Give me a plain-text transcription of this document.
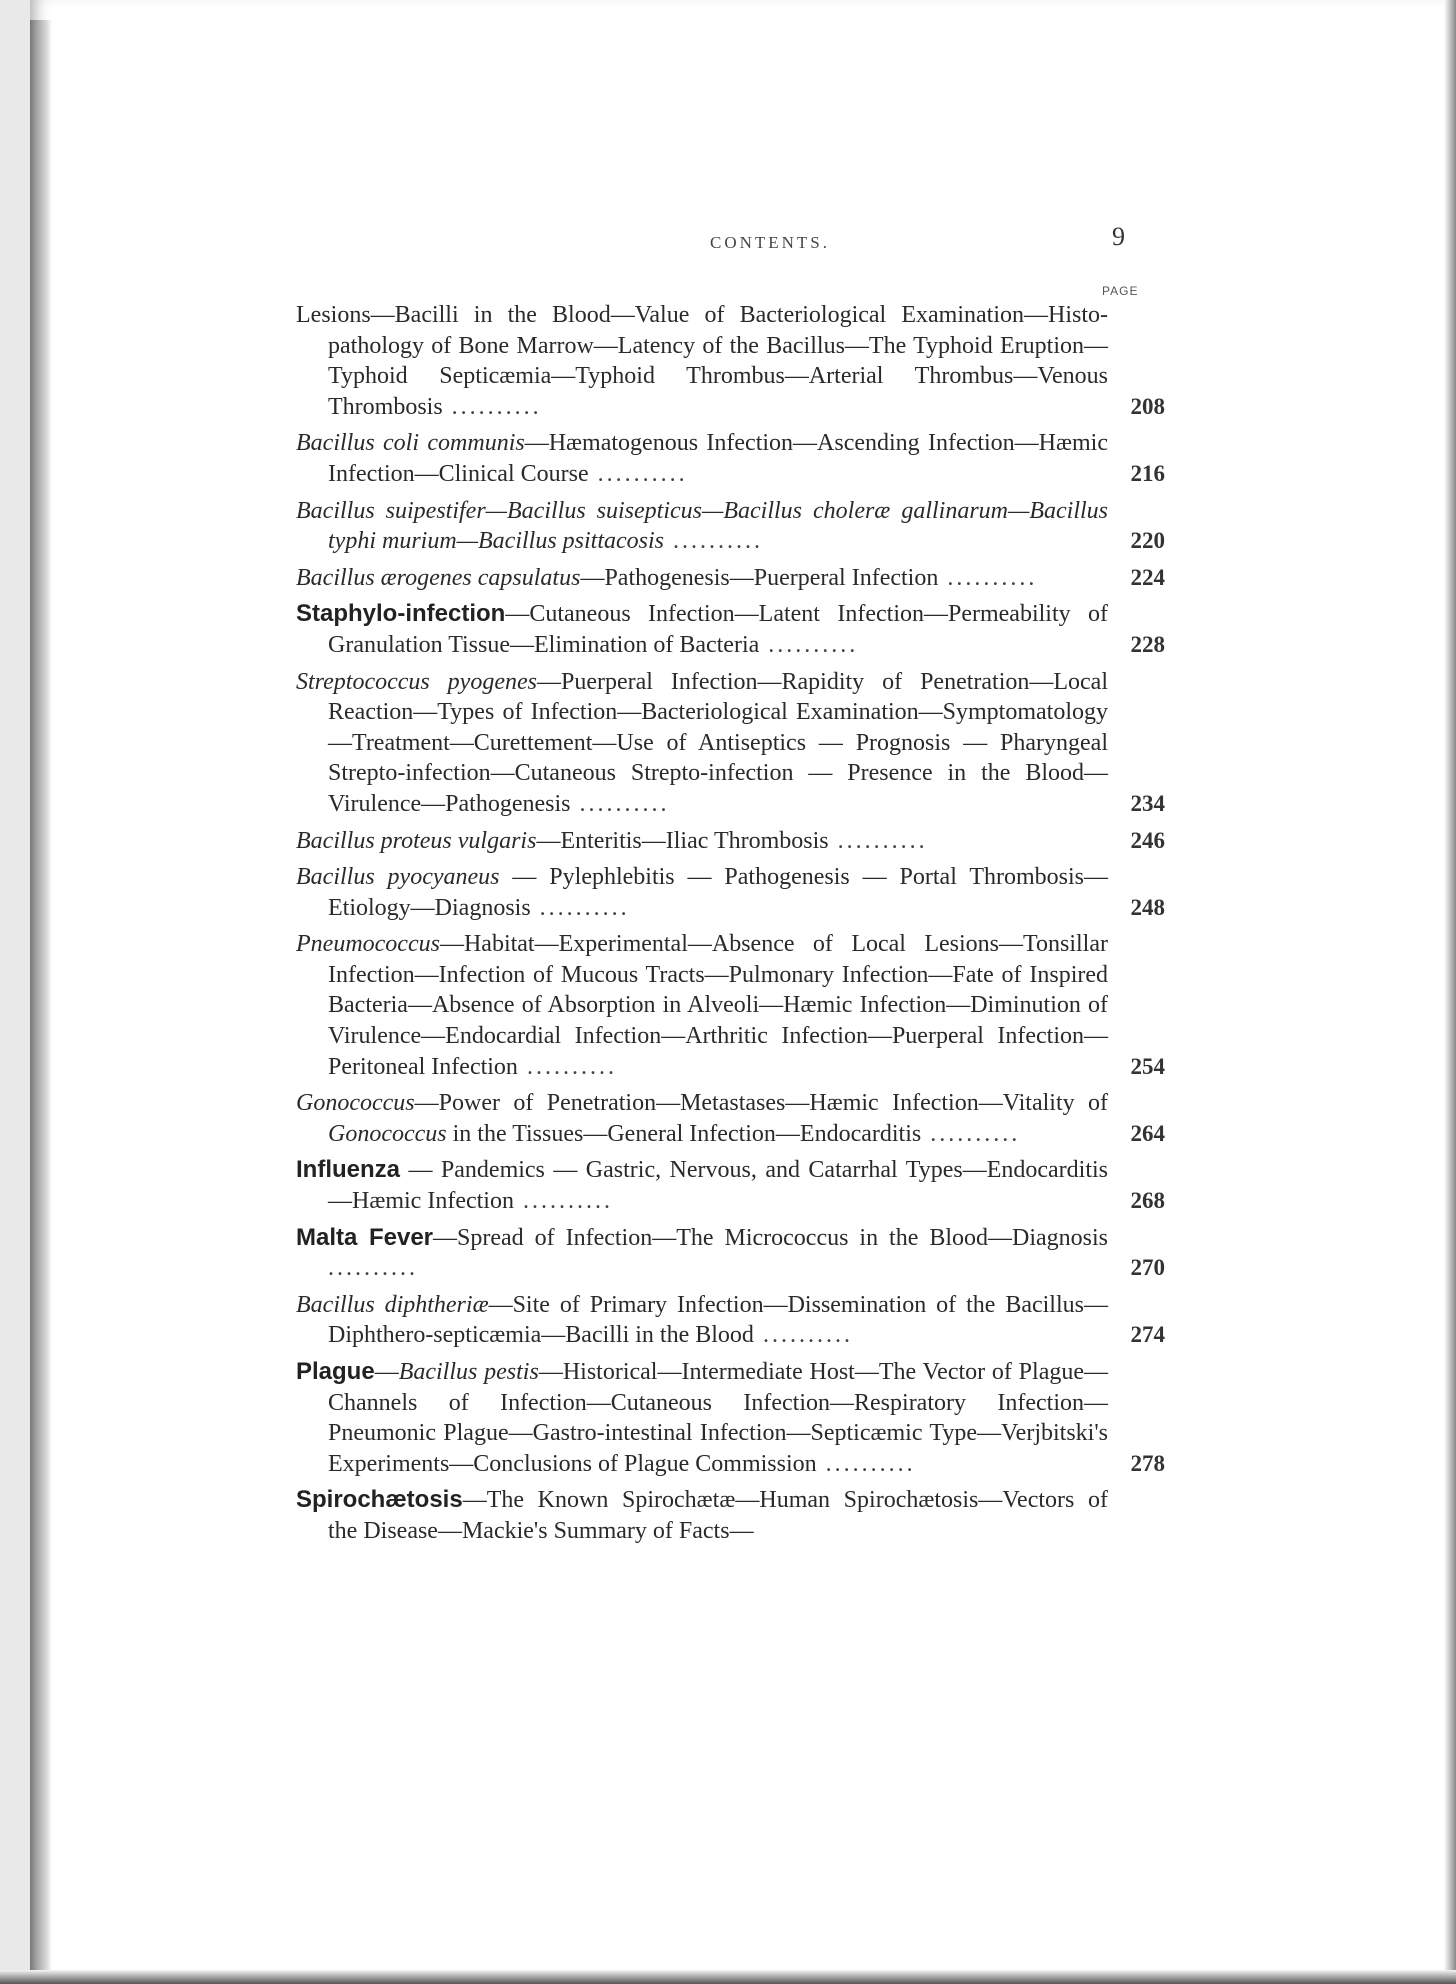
CONTENTS.	9
PAGE
208
Lesions—Bacilli in the Blood—Value of Bacteriological Examination—Histo-pathology of Bone Marrow—Latency of the Bacillus—The Typhoid Eruption—Typhoid Septicæmia—Typhoid Thrombus—Arterial Thrombus—Venous Thrombosis ..........
216
Bacillus coli communis—Hæmatogenous Infection—Ascending Infection—Hæmic Infection—Clinical Course ..........
220
Bacillus suipestifer—Bacillus suisepticus—Bacillus choleræ gallinarum—Bacillus typhi murium—Bacillus psittacosis ..........
224
Bacillus ærogenes capsulatus—Pathogenesis—Puerperal Infection ..........
228
Staphylo-infection—Cutaneous Infection—Latent Infection—Permeability of Granulation Tissue—Elimination of Bacteria ..........
234
Streptococcus pyogenes—Puerperal Infection—Rapidity of Penetration—Local Reaction—Types of Infection—Bacteriological Examination—Symptomatology—Treatment—Curettement—Use of Antiseptics — Prognosis — Pharyngeal Strepto-infection—Cutaneous Strepto-infection — Presence in the Blood—Virulence—Pathogenesis ..........
246
Bacillus proteus vulgaris—Enteritis—Iliac Thrombosis ..........
248
Bacillus pyocyaneus — Pylephlebitis — Pathogenesis — Portal Thrombosis—Etiology—Diagnosis ..........
254
Pneumococcus—Habitat—Experimental—Absence of Local Lesions—Tonsillar Infection—Infection of Mucous Tracts—Pulmonary Infection—Fate of Inspired Bacteria—Absence of Absorption in Alveoli—Hæmic Infection—Diminution of Virulence—Endocardial Infection—Arthritic Infection—Puerperal Infection—Peritoneal Infection ..........
264
Gonococcus—Power of Penetration—Metastases—Hæmic Infection—Vitality of Gonococcus in the Tissues—General Infection—Endocarditis ..........
268
Influenza — Pandemics — Gastric, Nervous, and Catarrhal Types—Endocarditis—Hæmic Infection ..........
270
Malta Fever—Spread of Infection—The Micrococcus in the Blood—Diagnosis ..........
274
Bacillus diphtheriæ—Site of Primary Infection—Dissemination of the Bacillus—Diphthero-septicæmia—Bacilli in the Blood ..........
278
Plague—Bacillus pestis—Historical—Intermediate Host—The Vector of Plague—Channels of Infection—Cutaneous Infection—Respiratory Infection—Pneumonic Plague—Gastro-intestinal Infection—Septicæmic Type—Verjbitski's Experiments—Conclusions of Plague Commission ..........
Spirochætosis—The Known Spirochætæ—Human Spirochætosis—Vectors of the Disease—Mackie's Summary of Facts—
